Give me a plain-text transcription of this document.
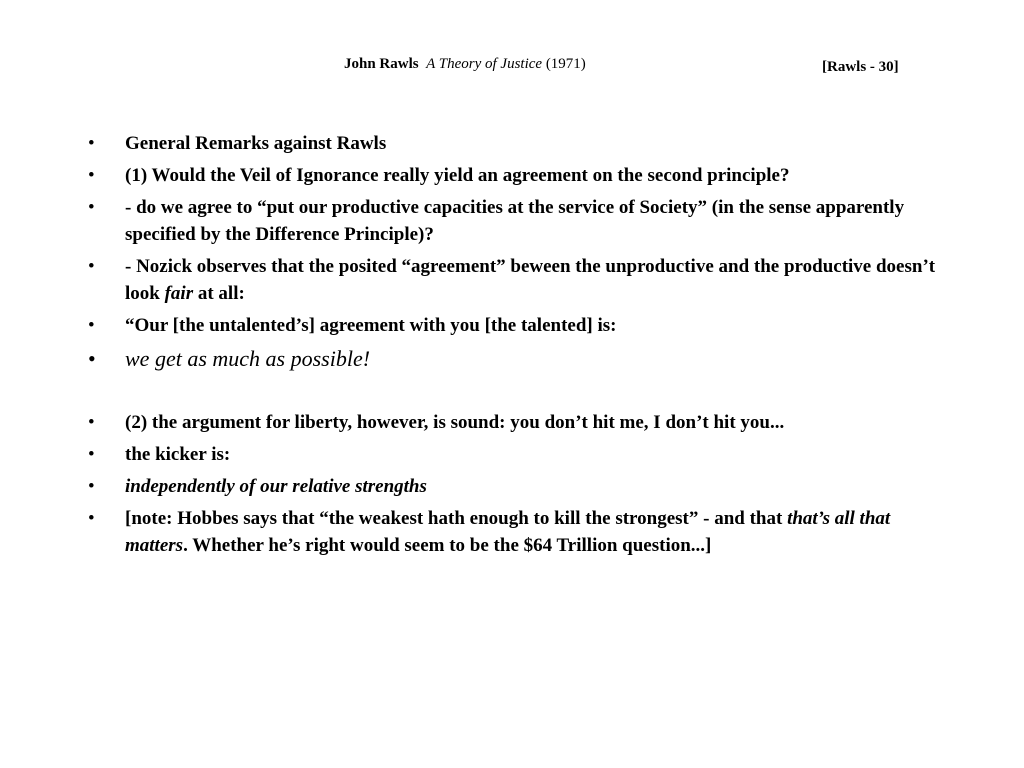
John Rawls A Theory of Justice (1971)	[Rawls - 30]
• General Remarks against Rawls
• (1) Would the Veil of Ignorance really yield an agreement on the second principle?
• - do we agree to “put our productive capacities at the service of Society” (in the sense apparently specified by the Difference Principle)?
• - Nozick observes that the posited “agreement” beween the unproductive and the productive doesn’t look fair at all:
• “Our [the untalented’s] agreement with you [the talented] is:
• we get as much as possible!
• (2) the argument for liberty, however, is sound: you don’t hit me, I don’t hit you...
• the kicker is:
• independently of our relative strengths
• [note: Hobbes says that “the weakest hath enough to kill the strongest” - and that that’s all that matters. Whether he’s right would seem to be the $64 Trillion question...]
